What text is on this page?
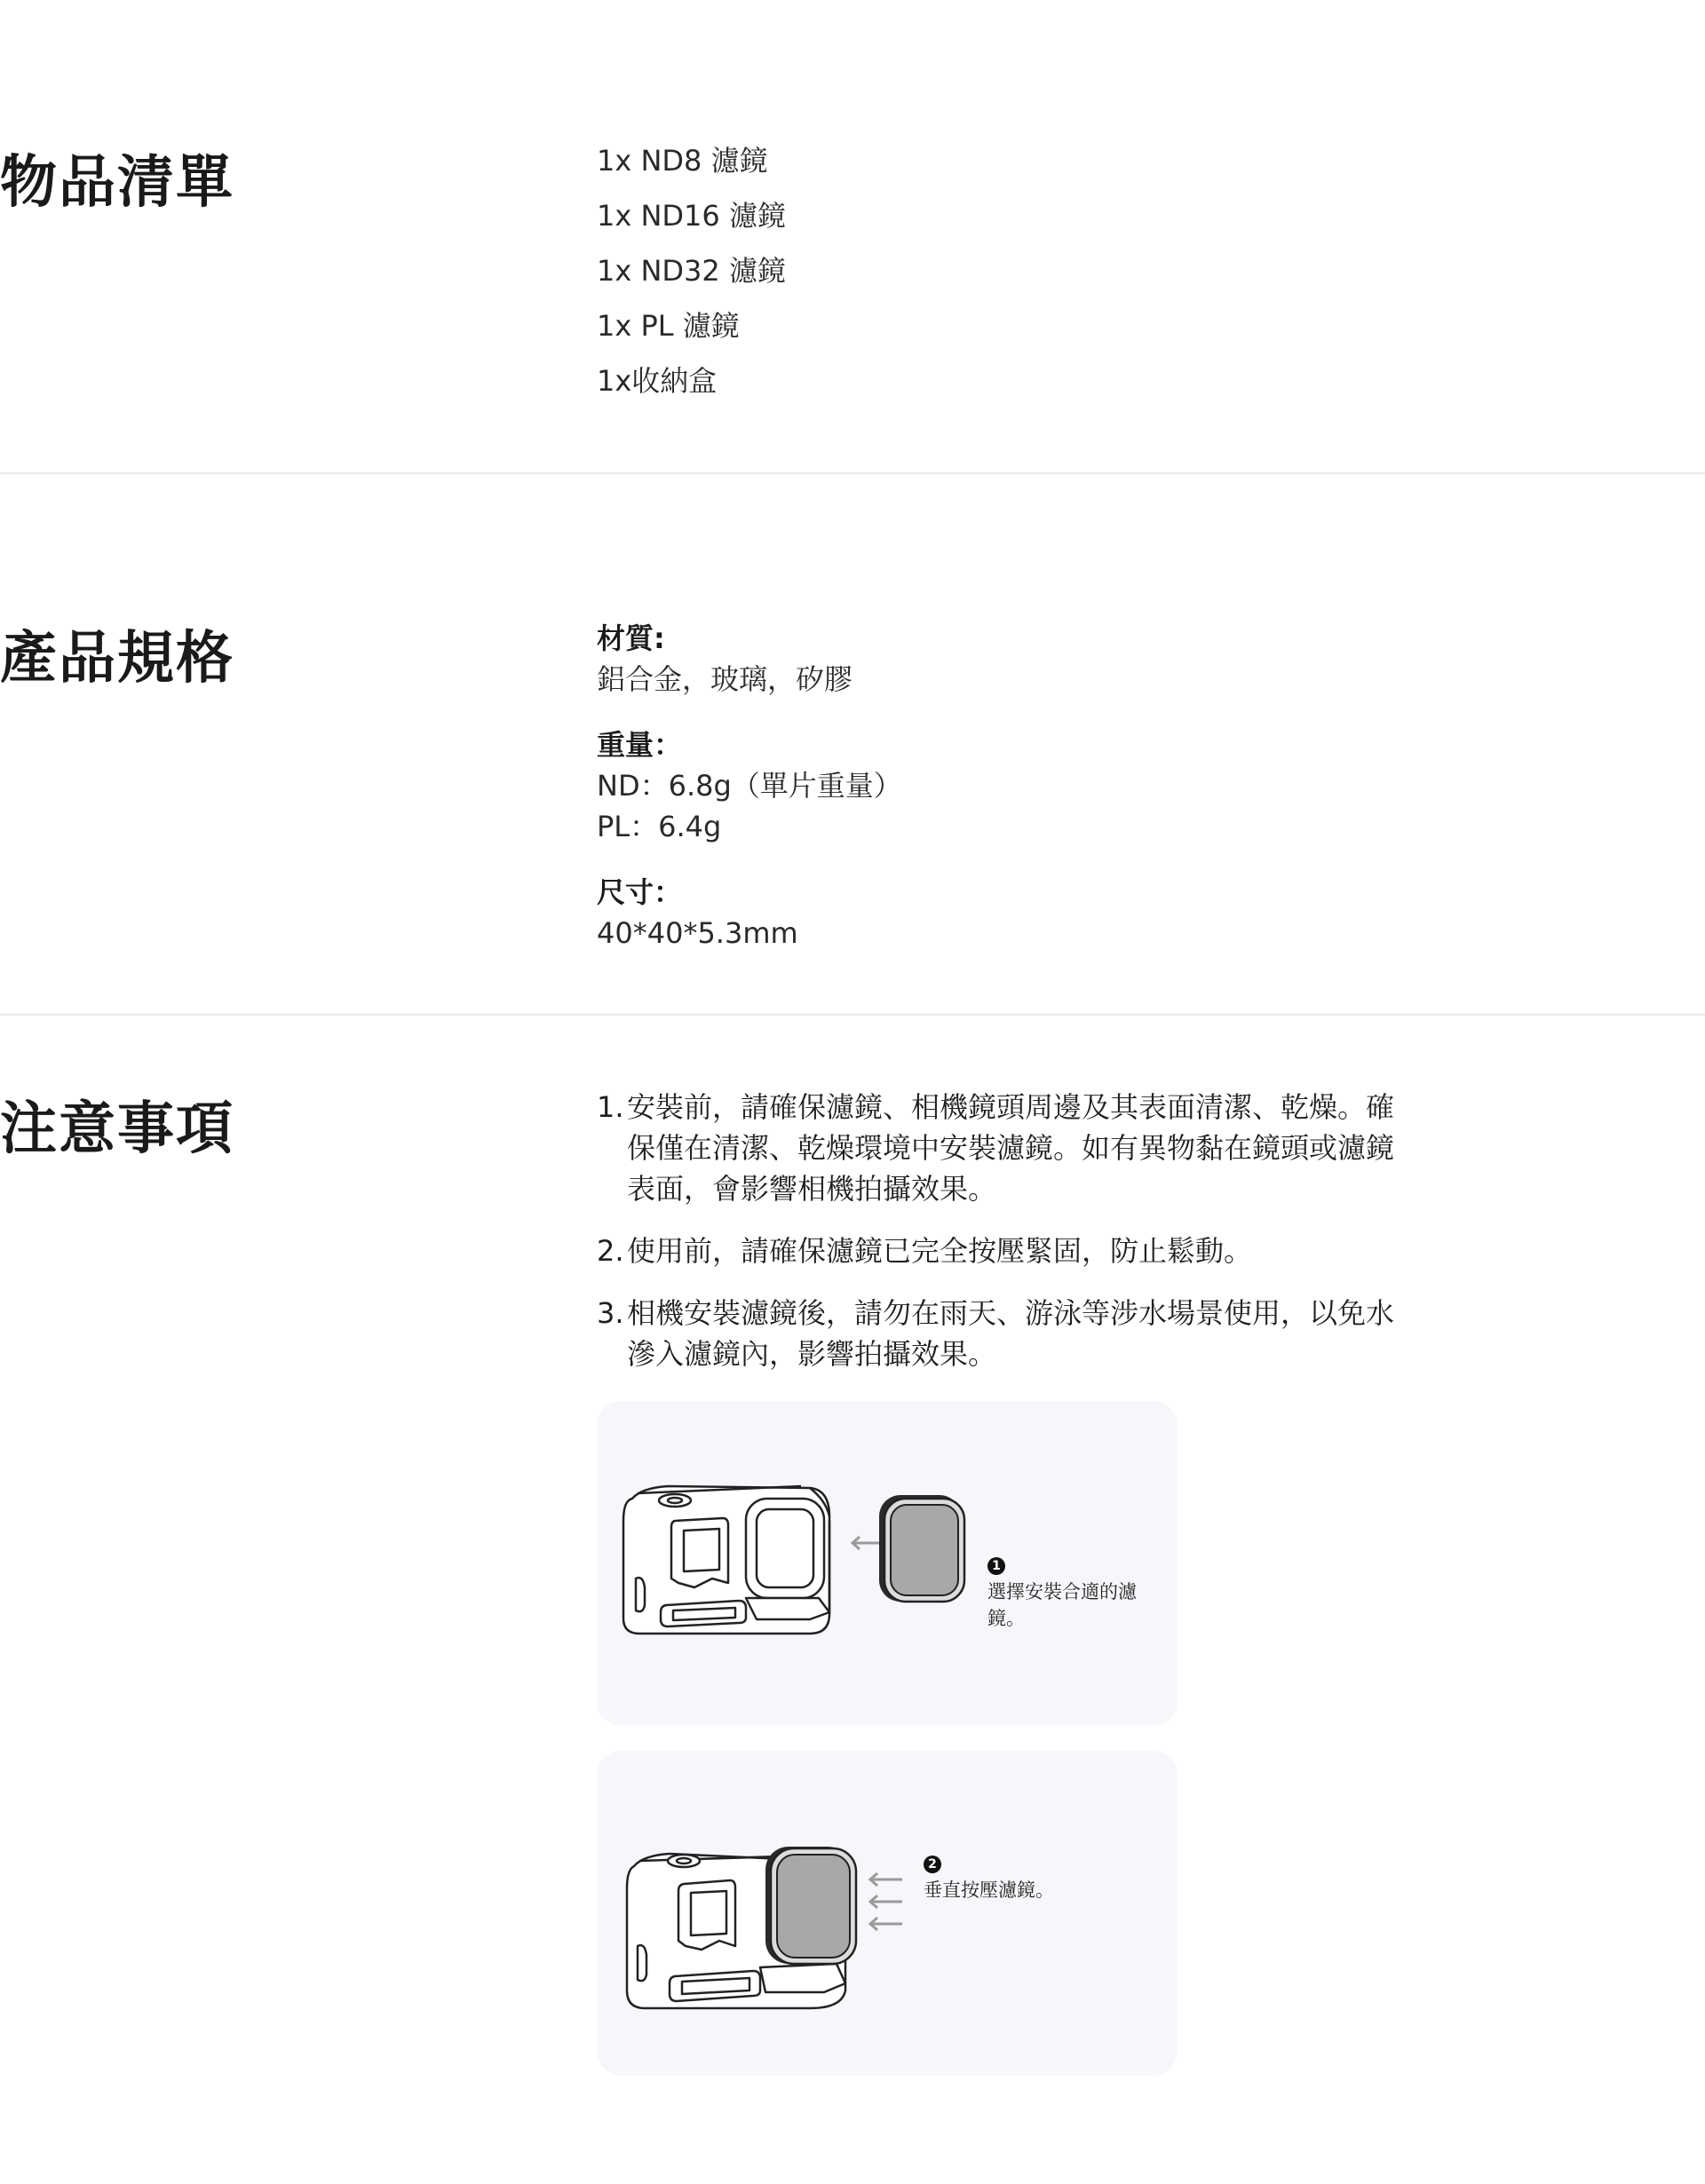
物品清單	1x ND8 濾鏡
1x ND16 濾鏡
1x ND32 濾鏡
1x PL 濾鏡
1x收納盒
產品規格	材質:
鋁合金，玻璃，矽膠
重量：
ND：6.8g（單片重量）
PL：6.4g
尺寸：
40*40*5.3mm
注意事項	1. 安裝前，請確保濾鏡、相機鏡頭周邊及其表面清潔、乾燥。確保僅在清潔、乾燥環境中安裝濾鏡。如有異物黏在鏡頭或濾鏡表面，會影響相機拍攝效果。
2. 使用前，請確保濾鏡已完全按壓緊固，防止鬆動。
3. 相機安裝濾鏡後，請勿在雨天、游泳等涉水場景使用，以免水滲入濾鏡內，影響拍攝效果。
1
選擇安裝合適的濾鏡。
2
垂直按壓濾鏡。
